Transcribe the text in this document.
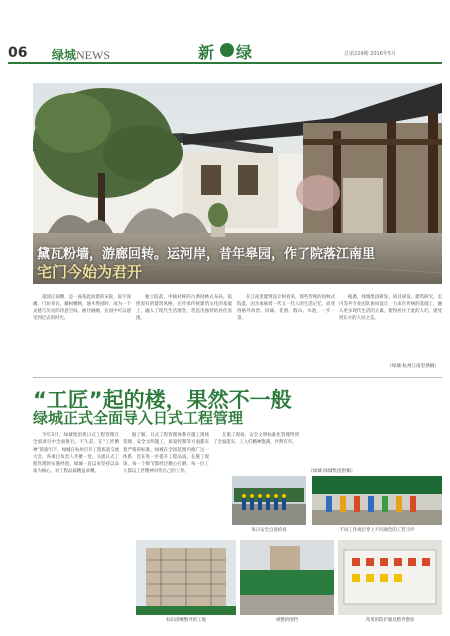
06 绿城NEWS	新 绿	总第229期 2016年5月
黛瓦粉墙，游廊回转。运河岸，昔年皋园，作了院落江南里
宅门今始为君开

遂园正南侧，是一座依此而建的宋院，院宇深幽，门坊青瓦，藤树掩映，通木秀园时，成为一个灵感与历史的诗意空间。曲径通幽，在园中可以感受到过去的时光。

独立院落，中轴对称的古典园林式布局，依照原有的建筑风格，在传承传统建筑文化的基础上，融入了现代生活理念，营造出独特的居住氛围。

在江南里建筑设计师看来，那些传统的园林式院落，因为承载着一代又一代人的生活记忆，而变得格外珍贵。回廊、花窗、假山、水池，一步一景。

据悉，绿城集团研发、项目研发、建筑研究，室内等共专业团队协同设计，力求在传统的基础上，融入更多现代生活的元素，使得居住于此的人们，感受到东方的人居之美。

（绿城·杭州江南里供稿）
“工匠”起的楼，果然不一般
绿城正式全面导入日式工程管理

今年3月，绿城集团将日式工程管理在全国项目中全面推行。不久前，在“工匠精神”的指引下，绿城在杭州召开工程质量交流大会，各项目负责人齐聚一堂，交流日式工程管理的实施经验。绿城一直以来坚持以品质为核心，对工程品质精益求精。

据了解，日式工程管理体系在施工现场管理、安全文明施工、质量控制等方面都有着严格的标准。绿城在全国范围内推广这一体系，旨在进一步提升工程品质。在施工现场，每一个细节都经过精心打磨，每一位工人都以工匠精神对待自己的工作。

在施工现场，安全文明标准化管理得到了全面落实，工人们精神饱满，井然有序。

（绿城·绿城集团供稿）
每日安全自查检查	不同工作岗位穿上不同颜色的工装马甲
标识清晰整齐的工地	规整的围挡	常用的防护器具整齐摆放
